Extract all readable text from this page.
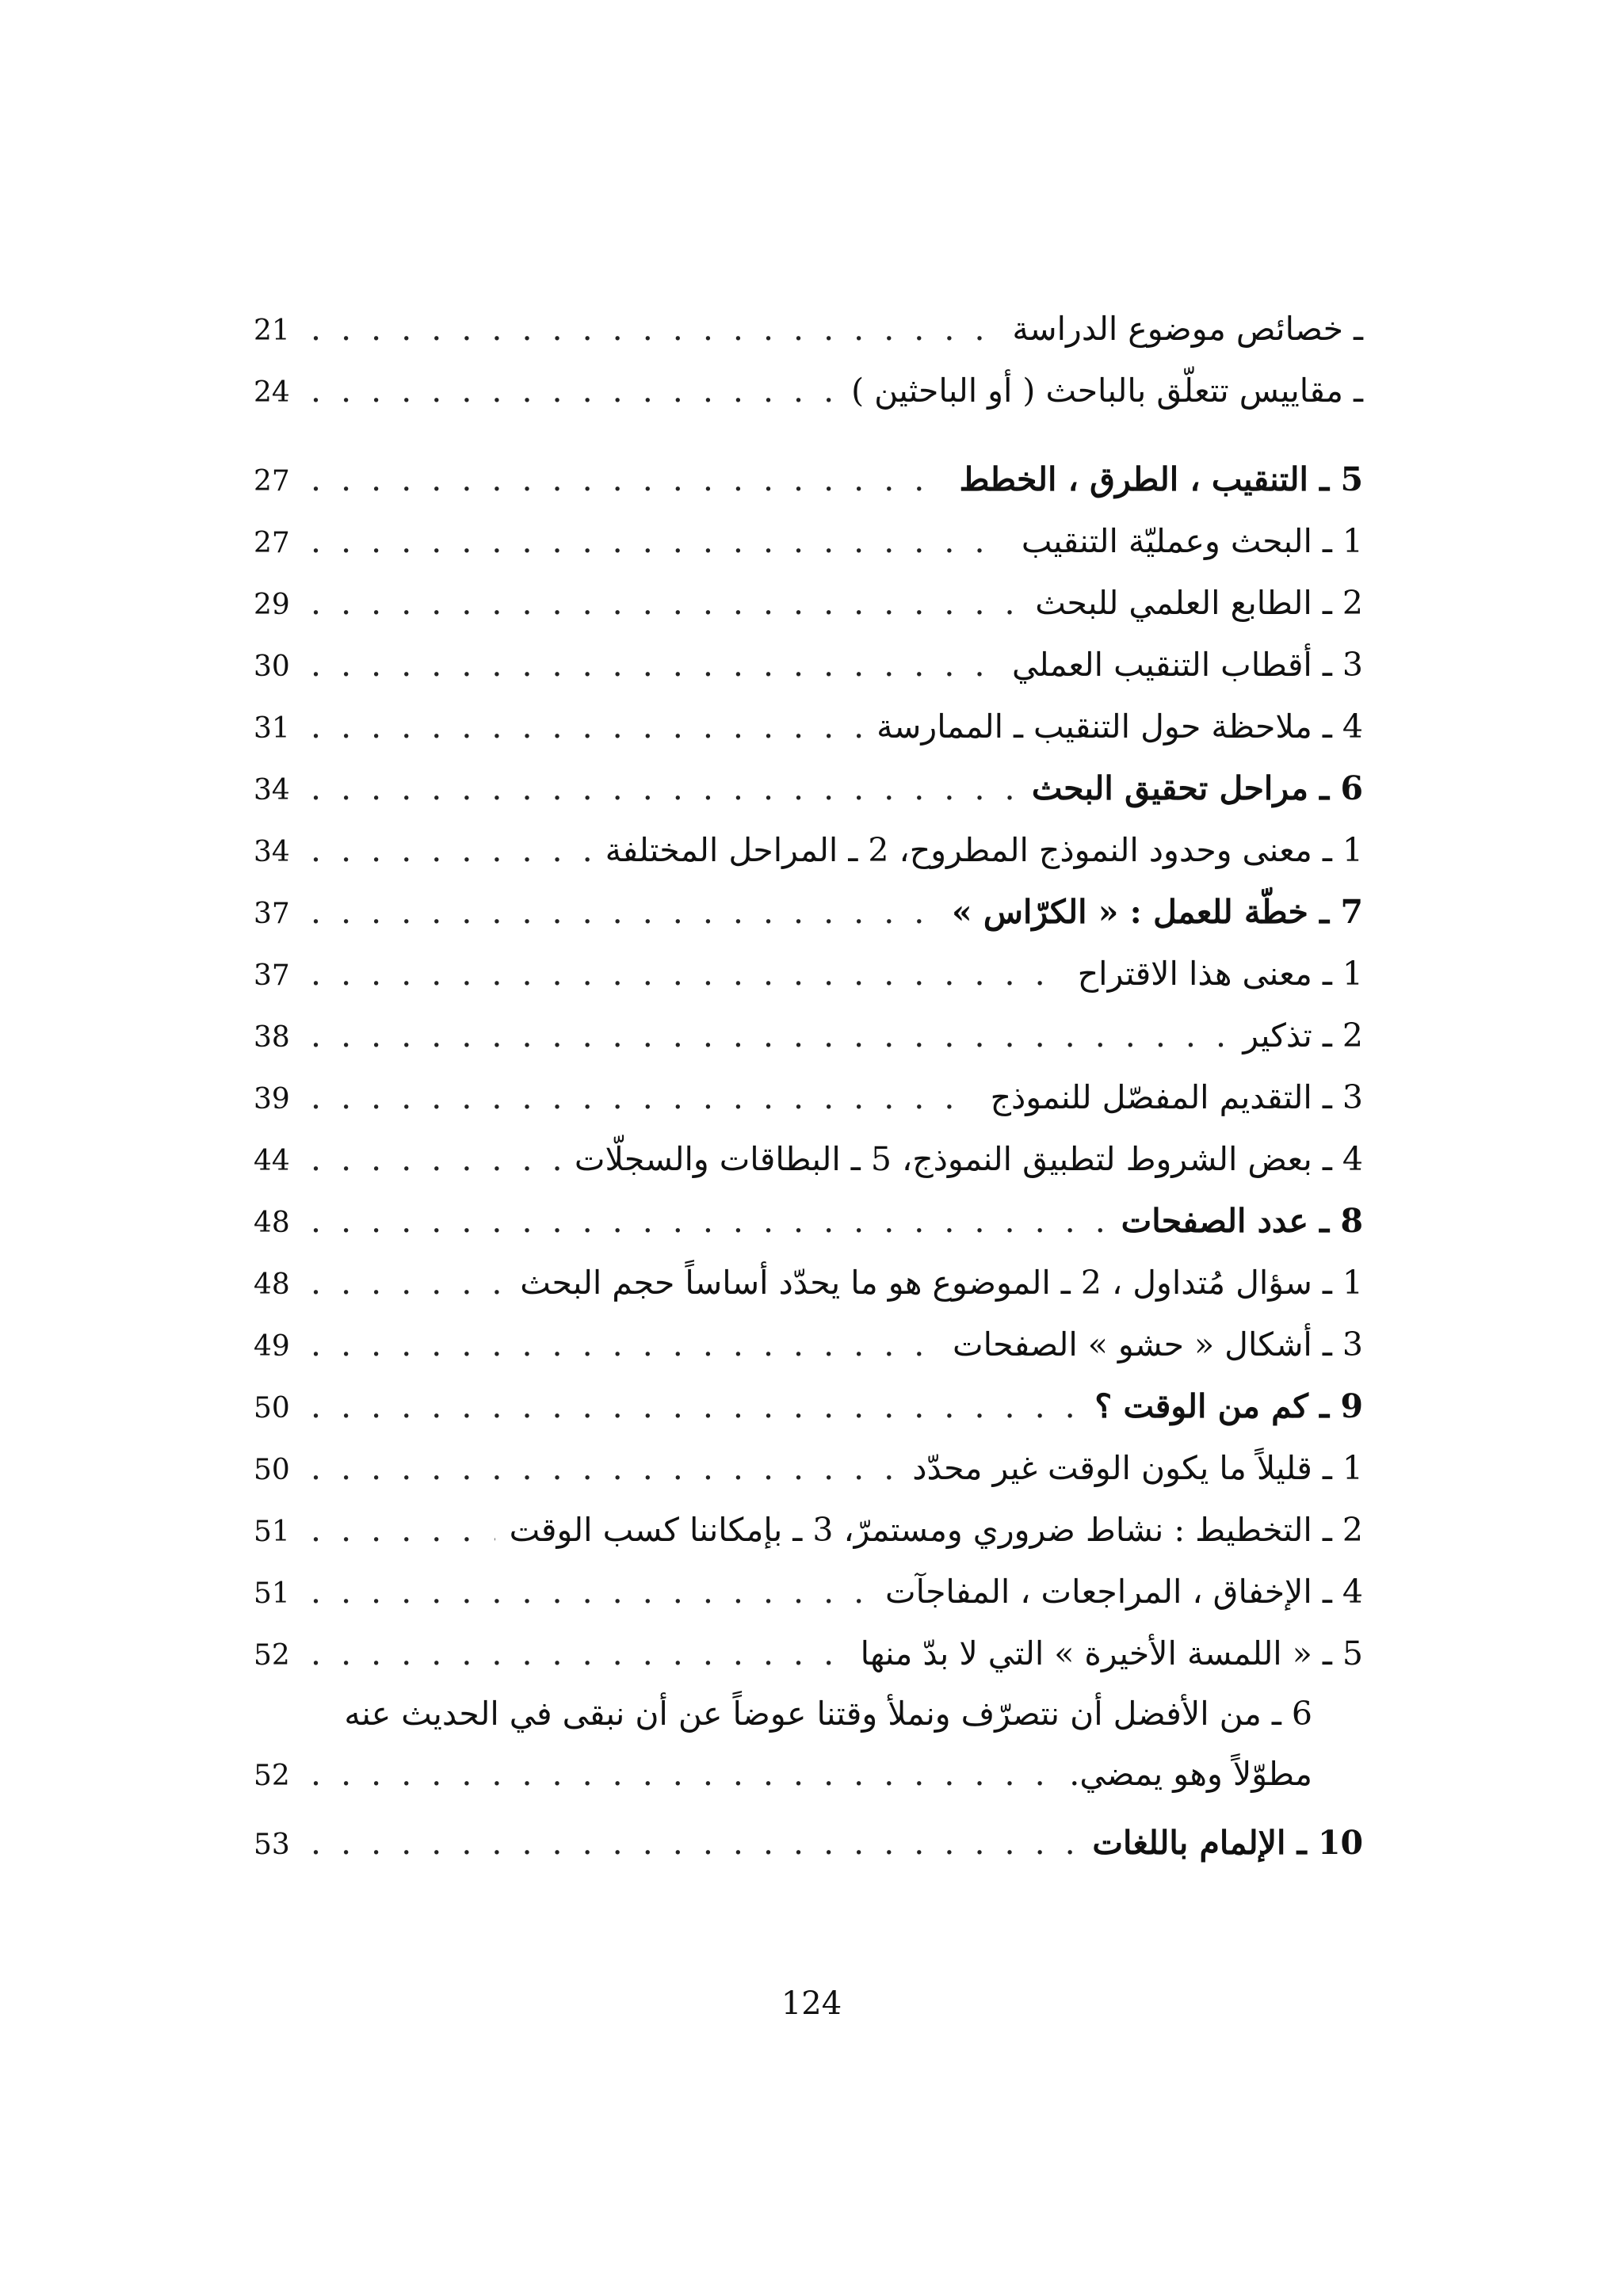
ـ خصائص موضوع الدراسة
. . .
21
ـ مقاييس تتعلّق بالباحث ( أو الباحثين )
. . .
24
5 ـ التنقيب ، الطرق ، الخطط
. . .
27
1 ـ البحث وعمليّة التنقيب
. . .
27
2 ـ الطابع العلمي للبحث
. . .
29
3 ـ أقطاب التنقيب العملي
. . .
30
4 ـ ملاحظة حول التنقيب ـ الممارسة
. . .
31
6 ـ مراحل تحقيق البحث
. . .
34
1 ـ معنى وحدود النموذج المطروح، 2 ـ المراحل المختلفة
. . .
34
7 ـ خطّة للعمل : « الكرّاس »
. . .
37
1 ـ معنى هذا الاقتراح
. . .
37
2 ـ تذكير
. . .
38
3 ـ التقديم المفصّل للنموذج
. . .
39
4 ـ بعض الشروط لتطبيق النموذج، 5 ـ البطاقات والسجلّات
. . .
44
8 ـ عدد الصفحات
. . .
48
1 ـ سؤال مُتداول ، 2 ـ الموضوع هو ما يحدّد أساساً حجم البحث
. . .
48
3 ـ أشكال « حشو » الصفحات
. . .
49
9 ـ كم من الوقت ؟
. . .
50
1 ـ قليلاً ما يكون الوقت غير محدّد
. . .
50
2 ـ التخطيط : نشاط ضروري ومستمرّ، 3 ـ بإمكاننا كسب الوقت
. . .
51
4 ـ الإخفاق ، المراجعات ، المفاجآت
. . .
51
5 ـ « اللمسة الأخيرة » التي لا بدّ منها
. . .
52
6 ـ من الأفضل أن نتصرّف ونملأ وقتنا عوضاً عن أن نبقى في الحديث عنه
مطوّلاً وهو يمضي.
. . .
52
10 ـ الإلمام باللغات
. . .
53
124
